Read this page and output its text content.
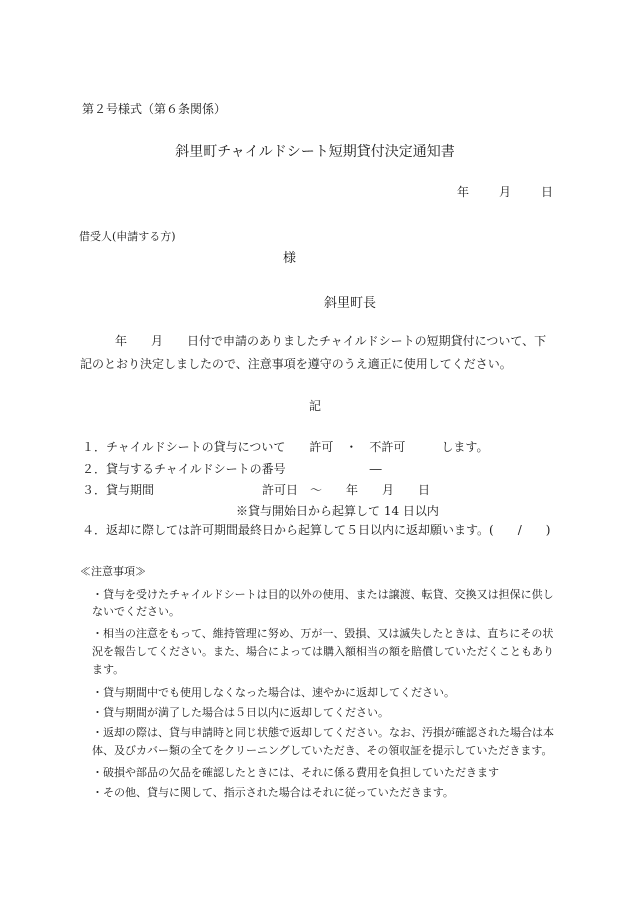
第２号様式（第６条関係）
斜里町チャイルドシート短期貸付決定通知書
年	月	日
借受人(申請する方)
様
斜里町長
年　　月　　日付で申請のありましたチャイルドシートの短期貸付について、下
記のとおり決定しましたので、注意事項を遵守のうえ適正に使用してください。
記
１．チャイルドシートの貸与について　　許可　・　不許可　　　します。
２．貸与するチャイルドシートの番号　　　　　　　―
３．貸与期間　　　　　　　　　許可日　～　　年　　月　　日
※貸与開始日から起算して 14 日以内
４．返却に際しては許可期間最終日から起算して５日以内に返却願います。(　　/　　)
≪注意事項≫
・貸与を受けたチャイルドシートは目的以外の使用、または譲渡、転貸、交換又は担保に供し
ないでください。
・相当の注意をもって、維持管理に努め、万が一、毀損、又は滅失したときは、直ちにその状
況を報告してください。また、場合によっては購入額相当の額を賠償していただくこともあり
ます。
・貸与期間中でも使用しなくなった場合は、速やかに返却してください。
・貸与期間が満了した場合は５日以内に返却してください。
・返却の際は、貸与申請時と同じ状態で返却してください。なお、汚損が確認された場合は本
体、及びカバー類の全てをクリーニングしていただき、その領収証を提示していただきます。
・破損や部品の欠品を確認したときには、それに係る費用を負担していただきます
・その他、貸与に関して、指示された場合はそれに従っていただきます。
